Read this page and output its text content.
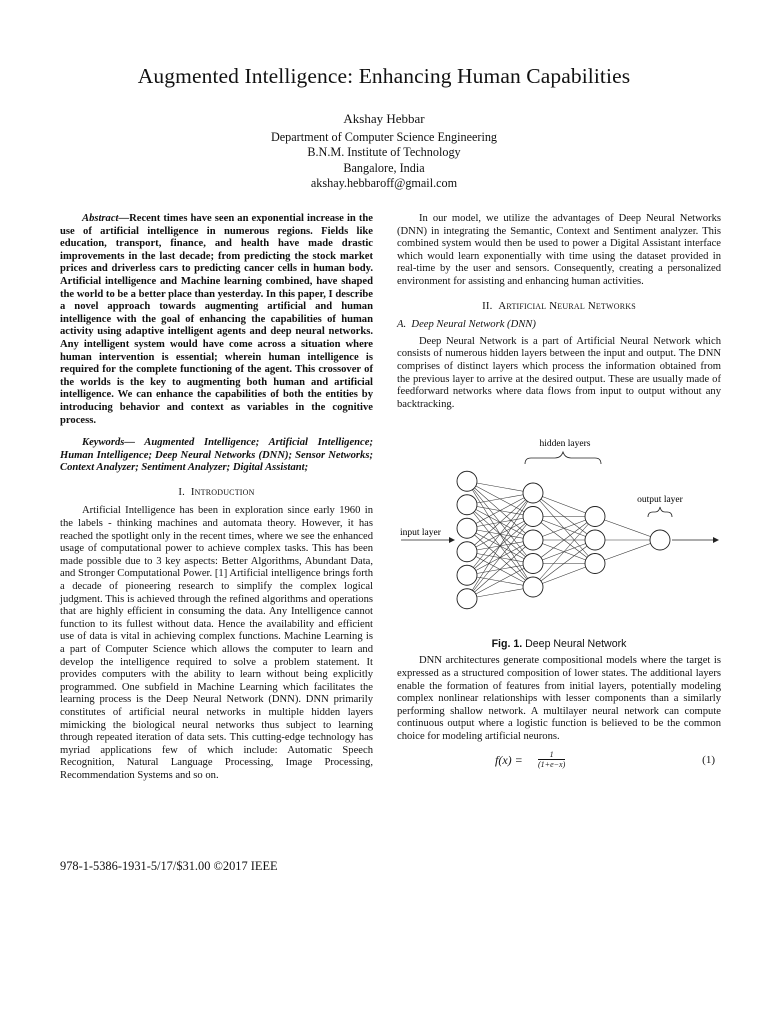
Augmented Intelligence: Enhancing Human Capabilities
Akshay Hebbar
Department of Computer Science Engineering
B.N.M. Institute of Technology
Bangalore, India
akshay.hebbaroff@gmail.com

Abstract—Recent times have seen an exponential increase in the use of artificial intelligence in numerous regions. Fields like education, transport, finance, and health have made drastic improvements in the last decade; from predicting the stock market prices and driverless cars to predicting cancer cells in human body. Artificial intelligence and Machine learning combined, have shaped the world to be a better place than yesterday. In this paper, I describe a novel approach towards augmenting artificial and human intelligence with the goal of enhancing the capabilities of human activity using adaptive intelligent agents and deep neural networks. Any intelligent system would have come across a situation where human intervention is essential; wherein human intelligence is required for the complete functioning of the agent. This crossover of the worlds is the key to augmenting both human and artificial intelligence. We can enhance the capabilities of both the entities by introducing behavior and context as variables in the cognitive process.

Keywords— Augmented Intelligence; Artificial Intelligence; Human Intelligence; Deep Neural Networks (DNN); Sensor Networks; Context Analyzer; Sentiment Analyzer; Digital Assistant;

I. Introduction

Artificial Intelligence has been in exploration since early 1960 in the labels - thinking machines and automata theory. However, it has reached the spotlight only in the recent times, where we see the enhanced usage of computational power to achieve complex tasks. This has been made possible due to 3 key aspects: Better Algorithms, Abundant Data, and Stronger Computational Power. [1] Artificial intelligence brings forth a decade of pioneering research to simplify the complex logical judgment. This is achieved through the refined algorithms and operations that are highly efficient in consuming the data. Any Intelligence cannot function to its fullest without data. Hence the availability and efficient use of data is vital in achieving complex functions. Machine Learning is a part of Computer Science which allows the computer to learn and develop the intelligence required to solve a problem statement. It provides computers with the ability to learn without being explicitly programmed. One subfield in Machine Learning which facilitates the learning process is the Deep Neural Network (DNN). DNN primarily constitutes of artificial neural networks in multiple hidden layers mimicking the biological neural networks thus subject to learning through repeated iteration of data sets. This cutting-edge technology has myriad applications few of which include: Automatic Speech Recognition, Natural Language Processing, Image Processing, Recommendation Systems and so on.

In our model, we utilize the advantages of Deep Neural Networks (DNN) in integrating the Semantic, Context and Sentiment analyzer. This combined system would then be used to power a Digital Assistant interface which would learn exponentially with time using the dataset provided in real-time by the user and sensors. Consequently, creating a personalized environment for assisting and enhancing human activities.

II. Artificial Neural Networks
A. Deep Neural Network (DNN)

Deep Neural Network is a part of Artificial Neural Network which consists of numerous hidden layers between the input and output. The DNN comprises of distinct layers which process the information obtained from the previous layer to arrive at the desired output. These are usually made of feedforward networks where data flows from input to output without any backtracking.

hidden layers
output layer
input layer
Fig. 1. Deep Neural Network

DNN architectures generate compositional models where the target is expressed as a structured composition of lower states. The additional layers enable the formation of features from initial layers, potentially modeling complex nonlinear relationships with lesser components than a similarly performing shallow network. A multilayer neural network can compute continuous output where a logistic function is believed to be the common choice for modeling artificial neurons.

$f(x) = \frac{1}{(1+e-x)}$	(1)
978-1-5386-1931-5/17/$31.00 ©2017 IEEE
